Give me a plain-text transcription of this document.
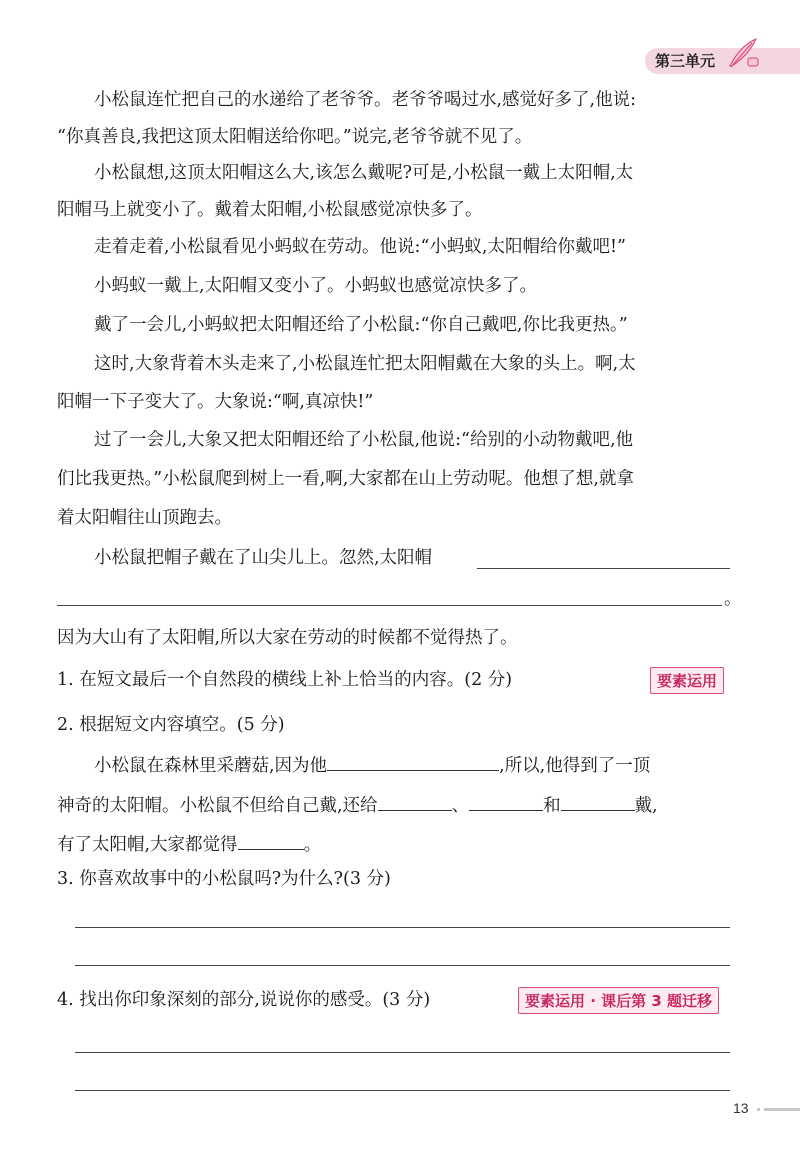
第三单元
小松鼠连忙把自己的水递给了老爷爷。老爷爷喝过水,感觉好多了,他说:
“你真善良,我把这顶太阳帽送给你吧。”说完,老爷爷就不见了。
小松鼠想,这顶太阳帽这么大,该怎么戴呢?可是,小松鼠一戴上太阳帽,太
阳帽马上就变小了。戴着太阳帽,小松鼠感觉凉快多了。
走着走着,小松鼠看见小蚂蚁在劳动。他说:“小蚂蚁,太阳帽给你戴吧!”
小蚂蚁一戴上,太阳帽又变小了。小蚂蚁也感觉凉快多了。
戴了一会儿,小蚂蚁把太阳帽还给了小松鼠:“你自己戴吧,你比我更热。”
这时,大象背着木头走来了,小松鼠连忙把太阳帽戴在大象的头上。啊,太
阳帽一下子变大了。大象说:“啊,真凉快!”
过了一会儿,大象又把太阳帽还给了小松鼠,他说:“给别的小动物戴吧,他
们比我更热。”小松鼠爬到树上一看,啊,大家都在山上劳动呢。他想了想,就拿
着太阳帽往山顶跑去。
小松鼠把帽子戴在了山尖儿上。忽然,太阳帽
。
因为大山有了太阳帽,所以大家在劳动的时候都不觉得热了。
1. 在短文最后一个自然段的横线上补上恰当的内容。(2 分)	要素运用
2. 根据短文内容填空。(5 分)
小松鼠在森林里采蘑菇,因为他	,所以,他得到了一顶
神奇的太阳帽。小松鼠不但给自己戴,还给	、	和	戴,
有了太阳帽,大家都觉得	。
3. 你喜欢故事中的小松鼠吗?为什么?(3 分)
4. 找出你印象深刻的部分,说说你的感受。(3 分)	要素运用 · 课后第 3 题迁移
13
